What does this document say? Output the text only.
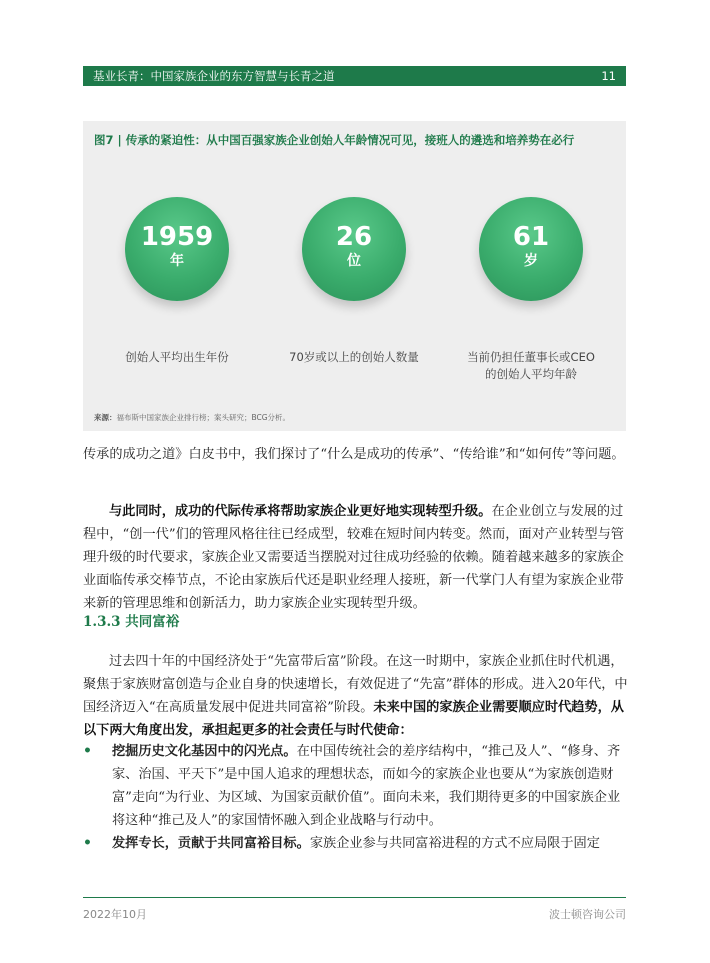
基业长青：中国家族企业的东方智慧与长青之道	11
图7 | 传承的紧迫性：从中国百强家族企业创始人年龄情况可见，接班人的遴选和培养势在必行
1959
年
创始人平均出生年份
26
位
70岁或以上的创始人数量
61
岁
当前仍担任董事长或CEO的创始人平均年龄
来源：福布斯中国家族企业排行榜；案头研究；BCG分析。

传承的成功之道》白皮书中，我们探讨了“什么是成功的传承”、“传给谁”和“如何传”等问题。

与此同时，成功的代际传承将帮助家族企业更好地实现转型升级。在企业创立与发展的过程中，“创一代”们的管理风格往往已经成型，较难在短时间内转变。然而，面对产业转型与管理升级的时代要求，家族企业又需要适当摆脱对过往成功经验的依赖。随着越来越多的家族企业面临传承交棒节点，不论由家族后代还是职业经理人接班，新一代掌门人有望为家族企业带来新的管理思维和创新活力，助力家族企业实现转型升级。

1.3.3 共同富裕

过去四十年的中国经济处于“先富带后富”阶段。在这一时期中，家族企业抓住时代机遇，聚焦于家族财富创造与企业自身的快速增长，有效促进了“先富”群体的形成。进入20年代，中国经济迈入“在高质量发展中促进共同富裕”阶段。未来中国的家族企业需要顺应时代趋势，从以下两大角度出发，承担起更多的社会责任与时代使命：

• 挖掘历史文化基因中的闪光点。在中国传统社会的差序结构中，“推己及人”、“修身、齐家、治国、平天下”是中国人追求的理想状态，而如今的家族企业也要从“为家族创造财富”走向“为行业、为区域、为国家贡献价值”。面向未来，我们期待更多的中国家族企业将这种“推己及人”的家国情怀融入到企业战略与行动中。
• 发挥专长，贡献于共同富裕目标。家族企业参与共同富裕进程的方式不应局限于固定
2022年10月	波士顿咨询公司
